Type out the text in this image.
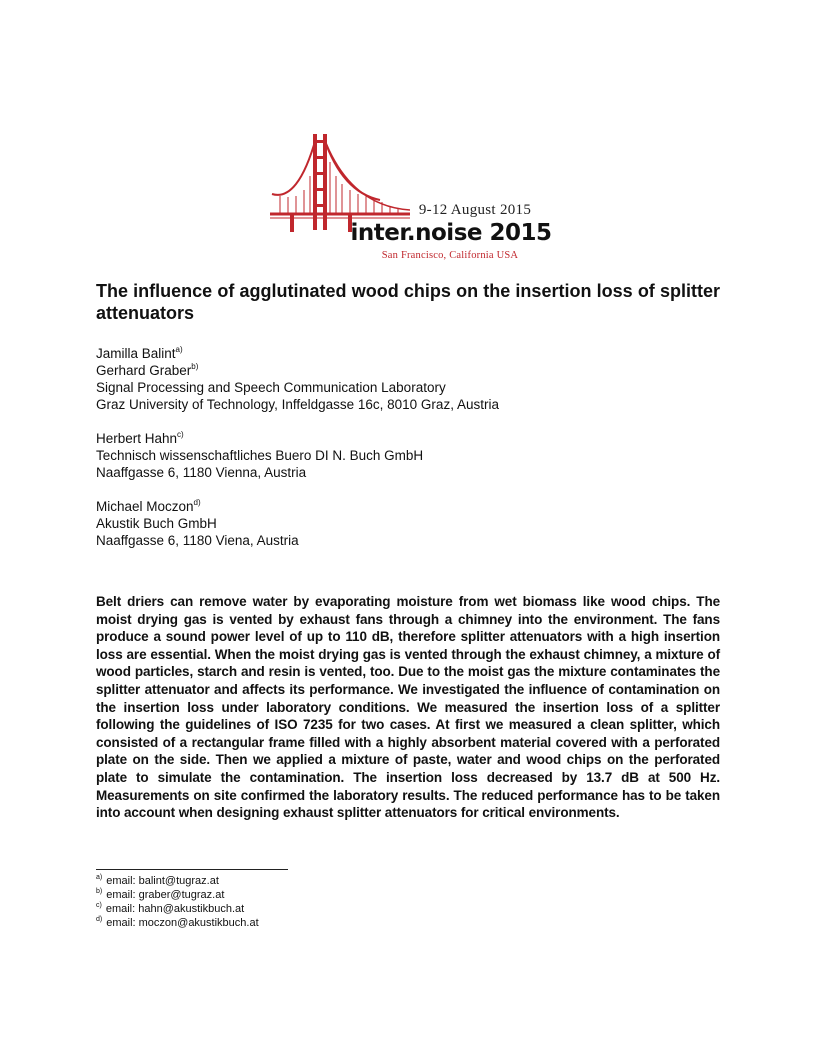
9-12 August 2015
inter.noise 2015
San Francisco, California USA
The influence of agglutinated wood chips on the insertion loss of splitter attenuators
Jamilla Balint$^{a)}$
Gerhard Graber$^{b)}$
Signal Processing and Speech Communication Laboratory
Graz University of Technology, Inffeldgasse 16c, 8010 Graz, Austria
Herbert Hahn$^{c)}$
Technisch wissenschaftliches Buero DI N. Buch GmbH
Naaffgasse 6, 1180 Vienna, Austria
Michael Moczon$^{d)}$
Akustik Buch GmbH
Naaffgasse 6, 1180 Viena, Austria

Belt driers can remove water by evaporating moisture from wet biomass like wood chips. The moist drying gas is vented by exhaust fans through a chimney into the environment. The fans produce a sound power level of up to 110 dB, therefore splitter attenuators with a high insertion loss are essential. When the moist drying gas is vented through the exhaust chimney, a mixture of wood particles, starch and resin is vented, too. Due to the moist gas the mixture contaminates the splitter attenuator and affects its performance. We investigated the influence of contamination on the insertion loss under laboratory conditions. We measured the insertion loss of a splitter following the guidelines of ISO 7235 for two cases. At first we measured a clean splitter, which consisted of a rectangular frame filled with a highly absorbent material covered with a perforated plate on the side. Then we applied a mixture of paste, water and wood chips on the perforated plate to simulate the contamination. The insertion loss decreased by 13.7 dB at 500 Hz. Measurements on site confirmed the laboratory results. The reduced performance has to be taken into account when designing exhaust splitter attenuators for critical environments.

$^{a)}$ email: balint@tugraz.at
$^{b)}$ email: graber@tugraz.at
$^{c)}$ email: hahn@akustikbuch.at
$^{d)}$ email: moczon@akustikbuch.at
